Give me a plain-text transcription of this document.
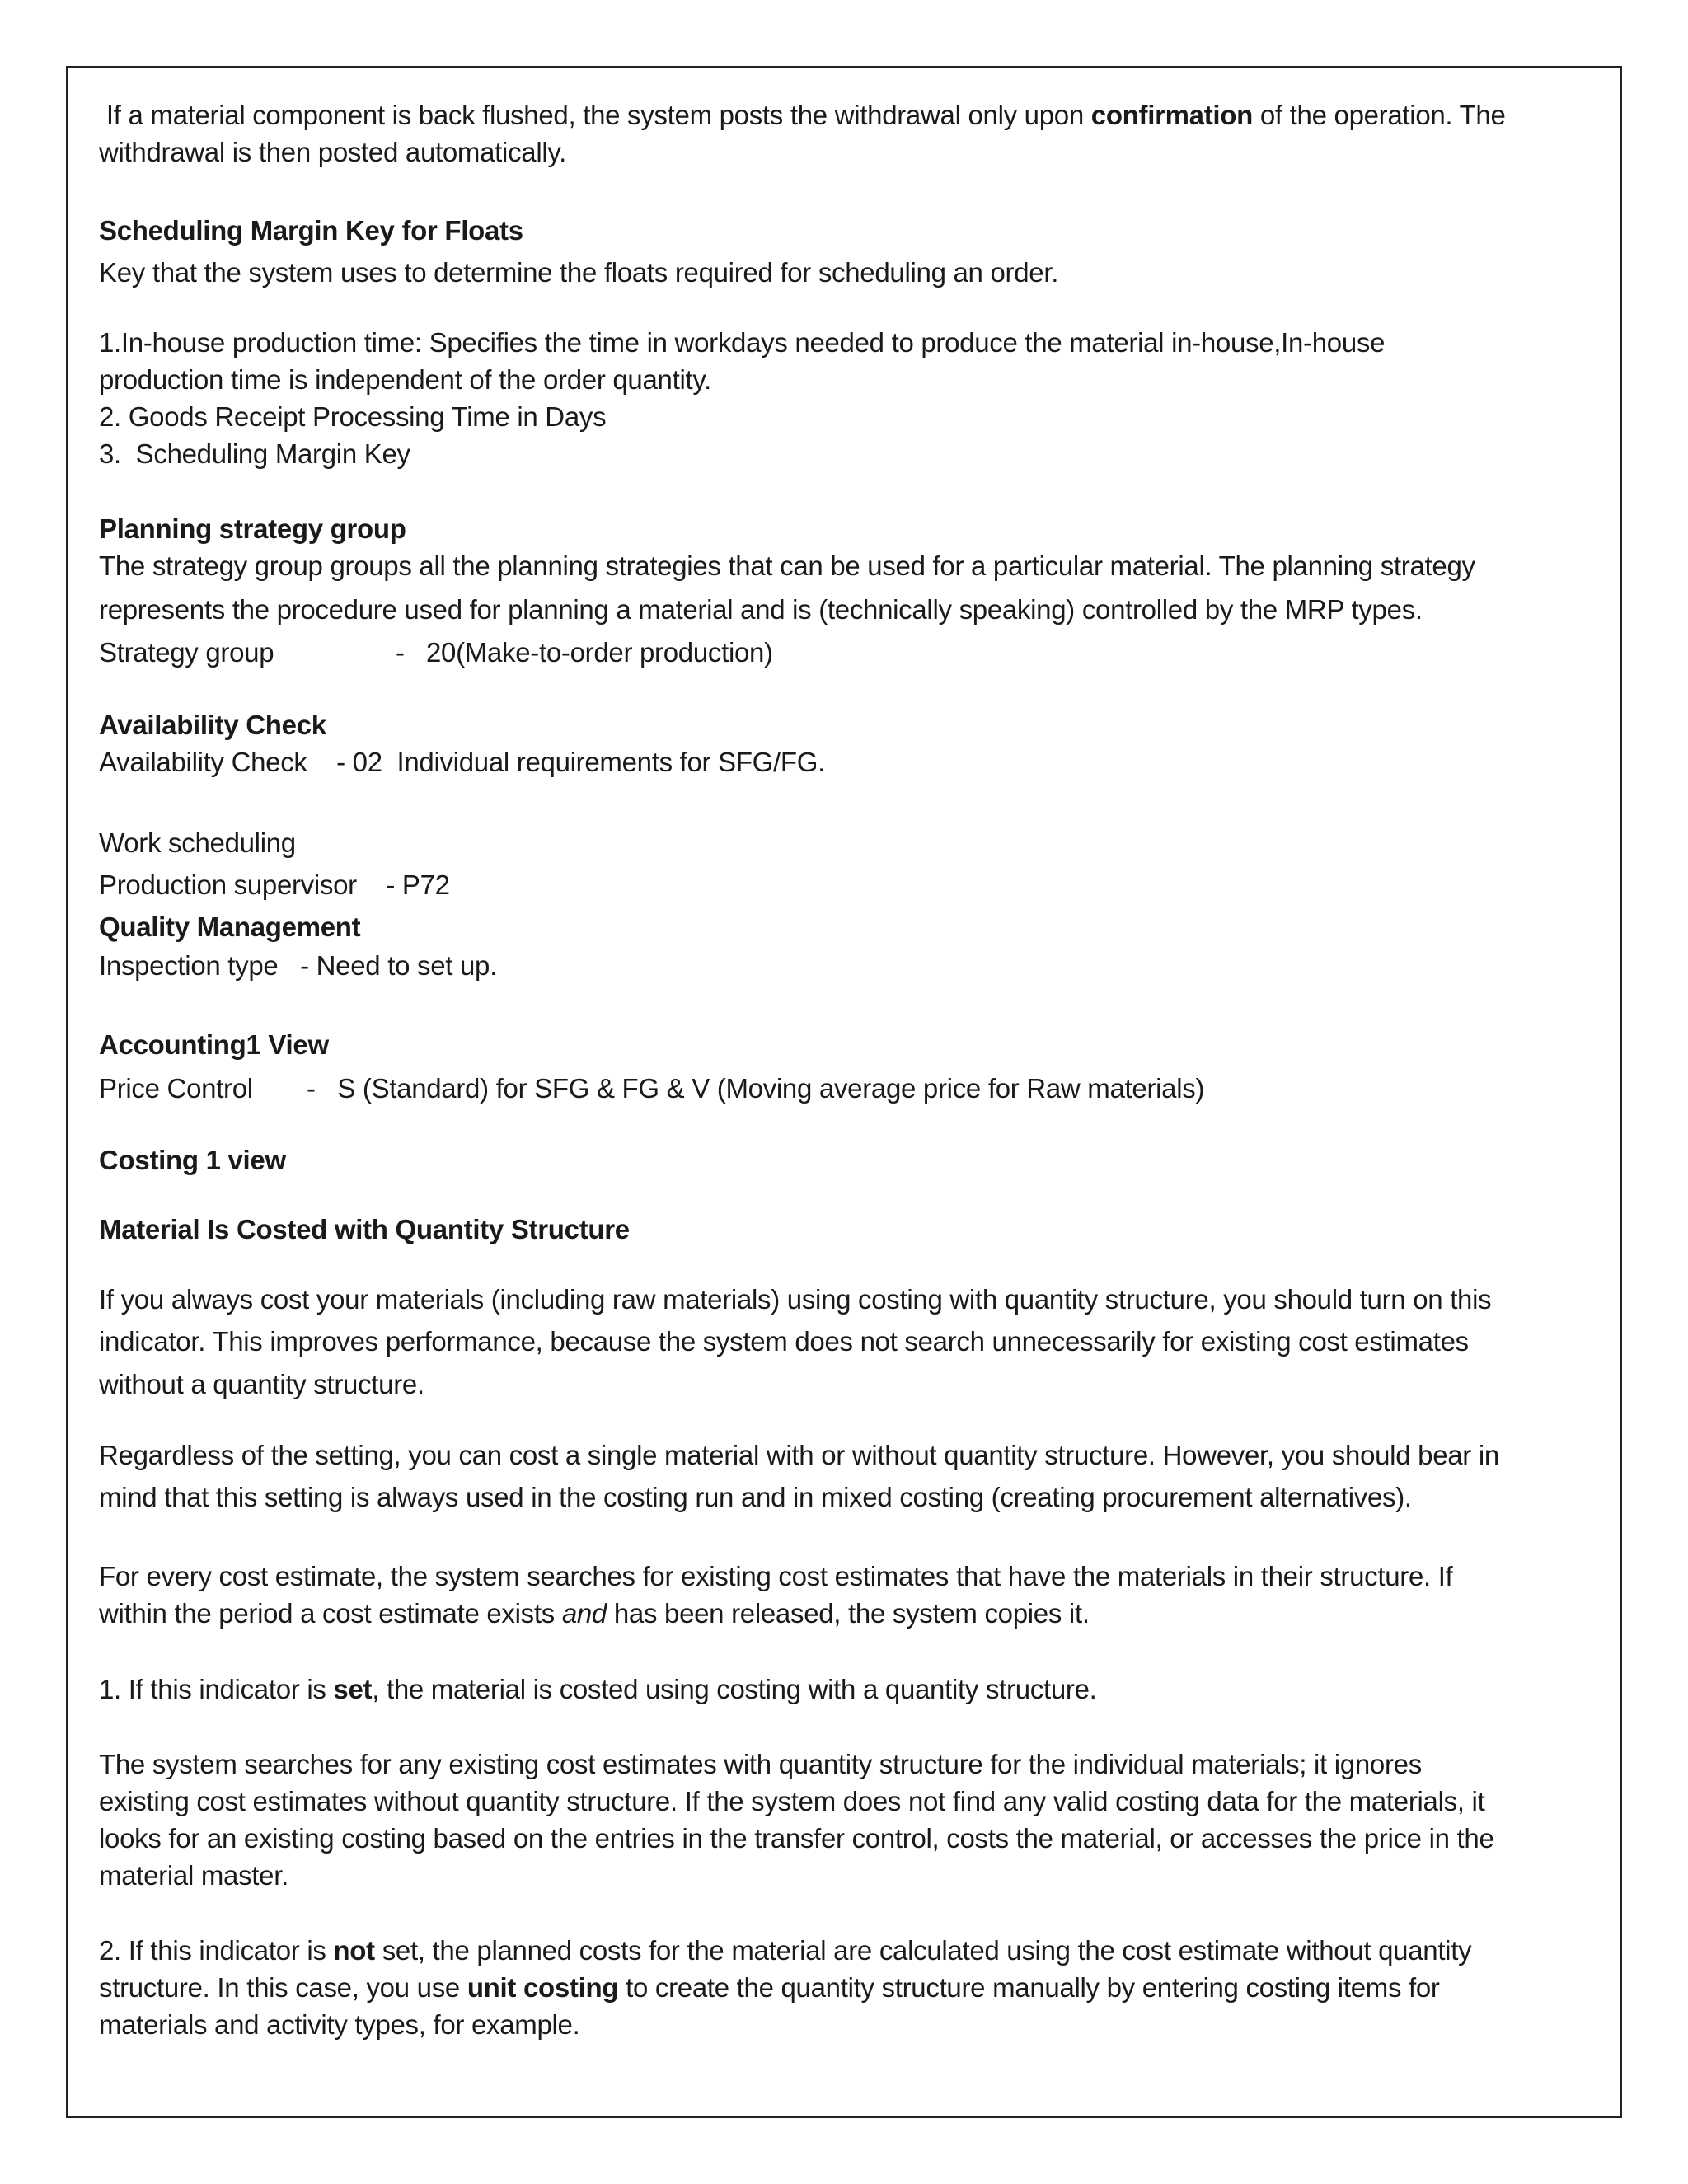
If a material component is back flushed, the system posts the withdrawal only upon confirmation of the operation. The
withdrawal is then posted automatically.
Scheduling Margin Key for Floats
Key that the system uses to determine the floats required for scheduling an order.
1.In-house production time: Specifies the time in workdays needed to produce the material in-house,In-house
production time is independent of the order quantity.
2. Goods Receipt Processing Time in Days
3.  Scheduling Margin Key
Planning strategy group
The strategy group groups all the planning strategies that can be used for a particular material. The planning strategy
represents the procedure used for planning a material and is (technically speaking) controlled by the MRP types.
Strategy group	- 20(Make-to-order production)
Availability Check
Availability Check    - 02  Individual requirements for SFG/FG.
Work scheduling
Production supervisor    - P72
Quality Management
Inspection type   - Need to set up.
Accounting1 View
Price Control -   S (Standard) for SFG & FG & V (Moving average price for Raw materials)
Costing 1 view
Material Is Costed with Quantity Structure
If you always cost your materials (including raw materials) using costing with quantity structure, you should turn on this
indicator. This improves performance, because the system does not search unnecessarily for existing cost estimates
without a quantity structure.
Regardless of the setting, you can cost a single material with or without quantity structure. However, you should bear in
mind that this setting is always used in the costing run and in mixed costing (creating procurement alternatives).
For every cost estimate, the system searches for existing cost estimates that have the materials in their structure. If
within the period a cost estimate exists and has been released, the system copies it.
1. If this indicator is set, the material is costed using costing with a quantity structure.
The system searches for any existing cost estimates with quantity structure for the individual materials; it ignores
existing cost estimates without quantity structure. If the system does not find any valid costing data for the materials, it
looks for an existing costing based on the entries in the transfer control, costs the material, or accesses the price in the
material master.
2. If this indicator is not set, the planned costs for the material are calculated using the cost estimate without quantity
structure. In this case, you use unit costing to create the quantity structure manually by entering costing items for
materials and activity types, for example.
